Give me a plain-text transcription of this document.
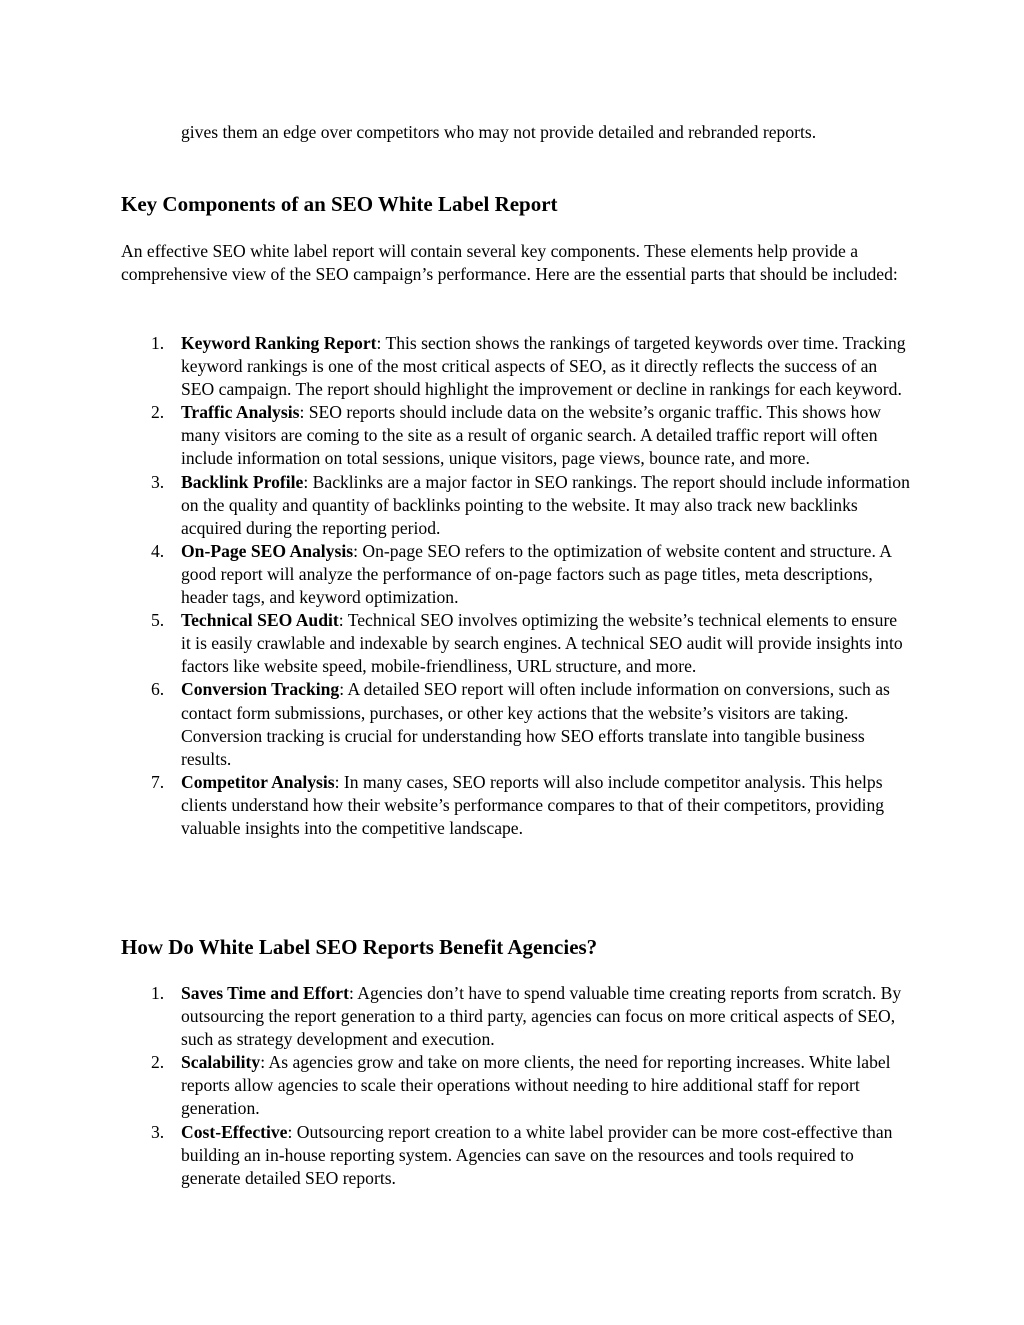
gives them an edge over competitors who may not provide detailed and rebranded reports.

Key Components of an SEO White Label Report

An effective SEO white label report will contain several key components. These elements help provide a comprehensive view of the SEO campaign’s performance. Here are the essential parts that should be included:

1. Keyword Ranking Report: This section shows the rankings of targeted keywords over time. Tracking keyword rankings is one of the most critical aspects of SEO, as it directly reflects the success of an SEO campaign. The report should highlight the improvement or decline in rankings for each keyword.
2. Traffic Analysis: SEO reports should include data on the website’s organic traffic. This shows how many visitors are coming to the site as a result of organic search. A detailed traffic report will often include information on total sessions, unique visitors, page views, bounce rate, and more.
3. Backlink Profile: Backlinks are a major factor in SEO rankings. The report should include information on the quality and quantity of backlinks pointing to the website. It may also track new backlinks acquired during the reporting period.
4. On-Page SEO Analysis: On-page SEO refers to the optimization of website content and structure. A good report will analyze the performance of on-page factors such as page titles, meta descriptions, header tags, and keyword optimization.
5. Technical SEO Audit: Technical SEO involves optimizing the website’s technical elements to ensure it is easily crawlable and indexable by search engines. A technical SEO audit will provide insights into factors like website speed, mobile-friendliness, URL structure, and more.
6. Conversion Tracking: A detailed SEO report will often include information on conversions, such as contact form submissions, purchases, or other key actions that the website’s visitors are taking. Conversion tracking is crucial for understanding how SEO efforts translate into tangible business results.
7. Competitor Analysis: In many cases, SEO reports will also include competitor analysis. This helps clients understand how their website’s performance compares to that of their competitors, providing valuable insights into the competitive landscape.
How Do White Label SEO Reports Benefit Agencies?
1. Saves Time and Effort: Agencies don’t have to spend valuable time creating reports from scratch. By outsourcing the report generation to a third party, agencies can focus on more critical aspects of SEO, such as strategy development and execution.
2. Scalability: As agencies grow and take on more clients, the need for reporting increases. White label reports allow agencies to scale their operations without needing to hire additional staff for report generation.
3. Cost-Effective: Outsourcing report creation to a white label provider can be more cost-effective than building an in-house reporting system. Agencies can save on the resources and tools required to generate detailed SEO reports.
